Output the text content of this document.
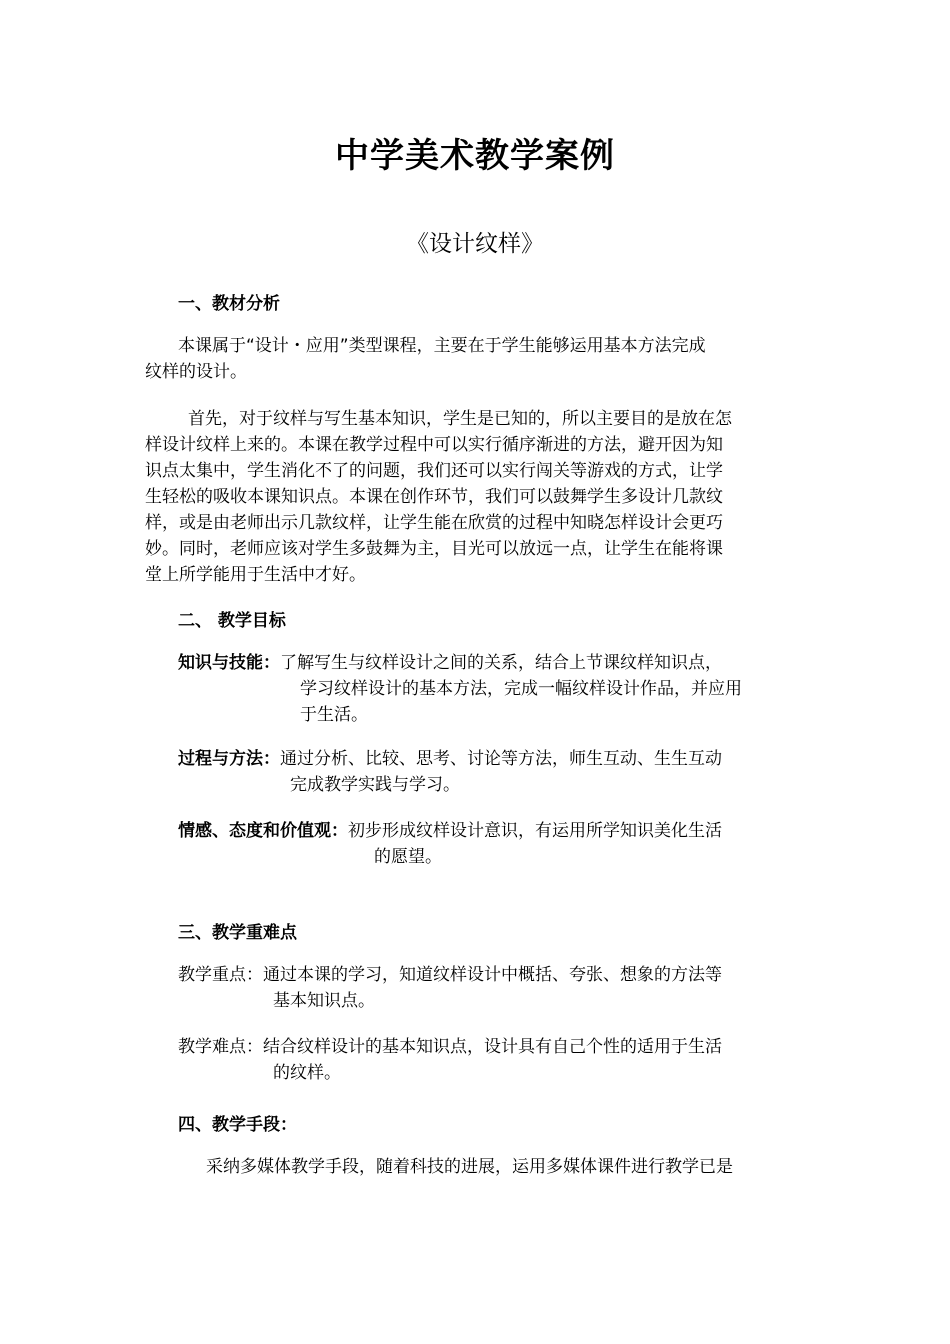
中学美术教学案例
《设计纹样》
一、教材分析
本课属于“设计・应用”类型课程，主要在于学生能够运用基本方法完成
纹样的设计。
首先，对于纹样与写生基本知识，学生是已知的，所以主要目的是放在怎
样设计纹样上来的。本课在教学过程中可以实行循序渐进的方法，避开因为知
识点太集中，学生消化不了的问题，我们还可以实行闯关等游戏的方式，让学
生轻松的吸收本课知识点。本课在创作环节，我们可以鼓舞学生多设计几款纹
样，或是由老师出示几款纹样，让学生能在欣赏的过程中知晓怎样设计会更巧
妙。同时，老师应该对学生多鼓舞为主，目光可以放远一点，让学生在能将课
堂上所学能用于生活中才好。
二、 教学目标
知识与技能：了解写生与纹样设计之间的关系，结合上节课纹样知识点，
学习纹样设计的基本方法，完成一幅纹样设计作品，并应用
于生活。
过程与方法：通过分析、比较、思考、讨论等方法，师生互动、生生互动
完成教学实践与学习。
情感、态度和价值观：初步形成纹样设计意识，有运用所学知识美化生活
的愿望。
三、教学重难点
教学重点：通过本课的学习，知道纹样设计中概括、夸张、想象的方法等
基本知识点。
教学难点：结合纹样设计的基本知识点，设计具有自己个性的适用于生活
的纹样。
四、教学手段：
采纳多媒体教学手段，随着科技的进展，运用多媒体课件进行教学已是
